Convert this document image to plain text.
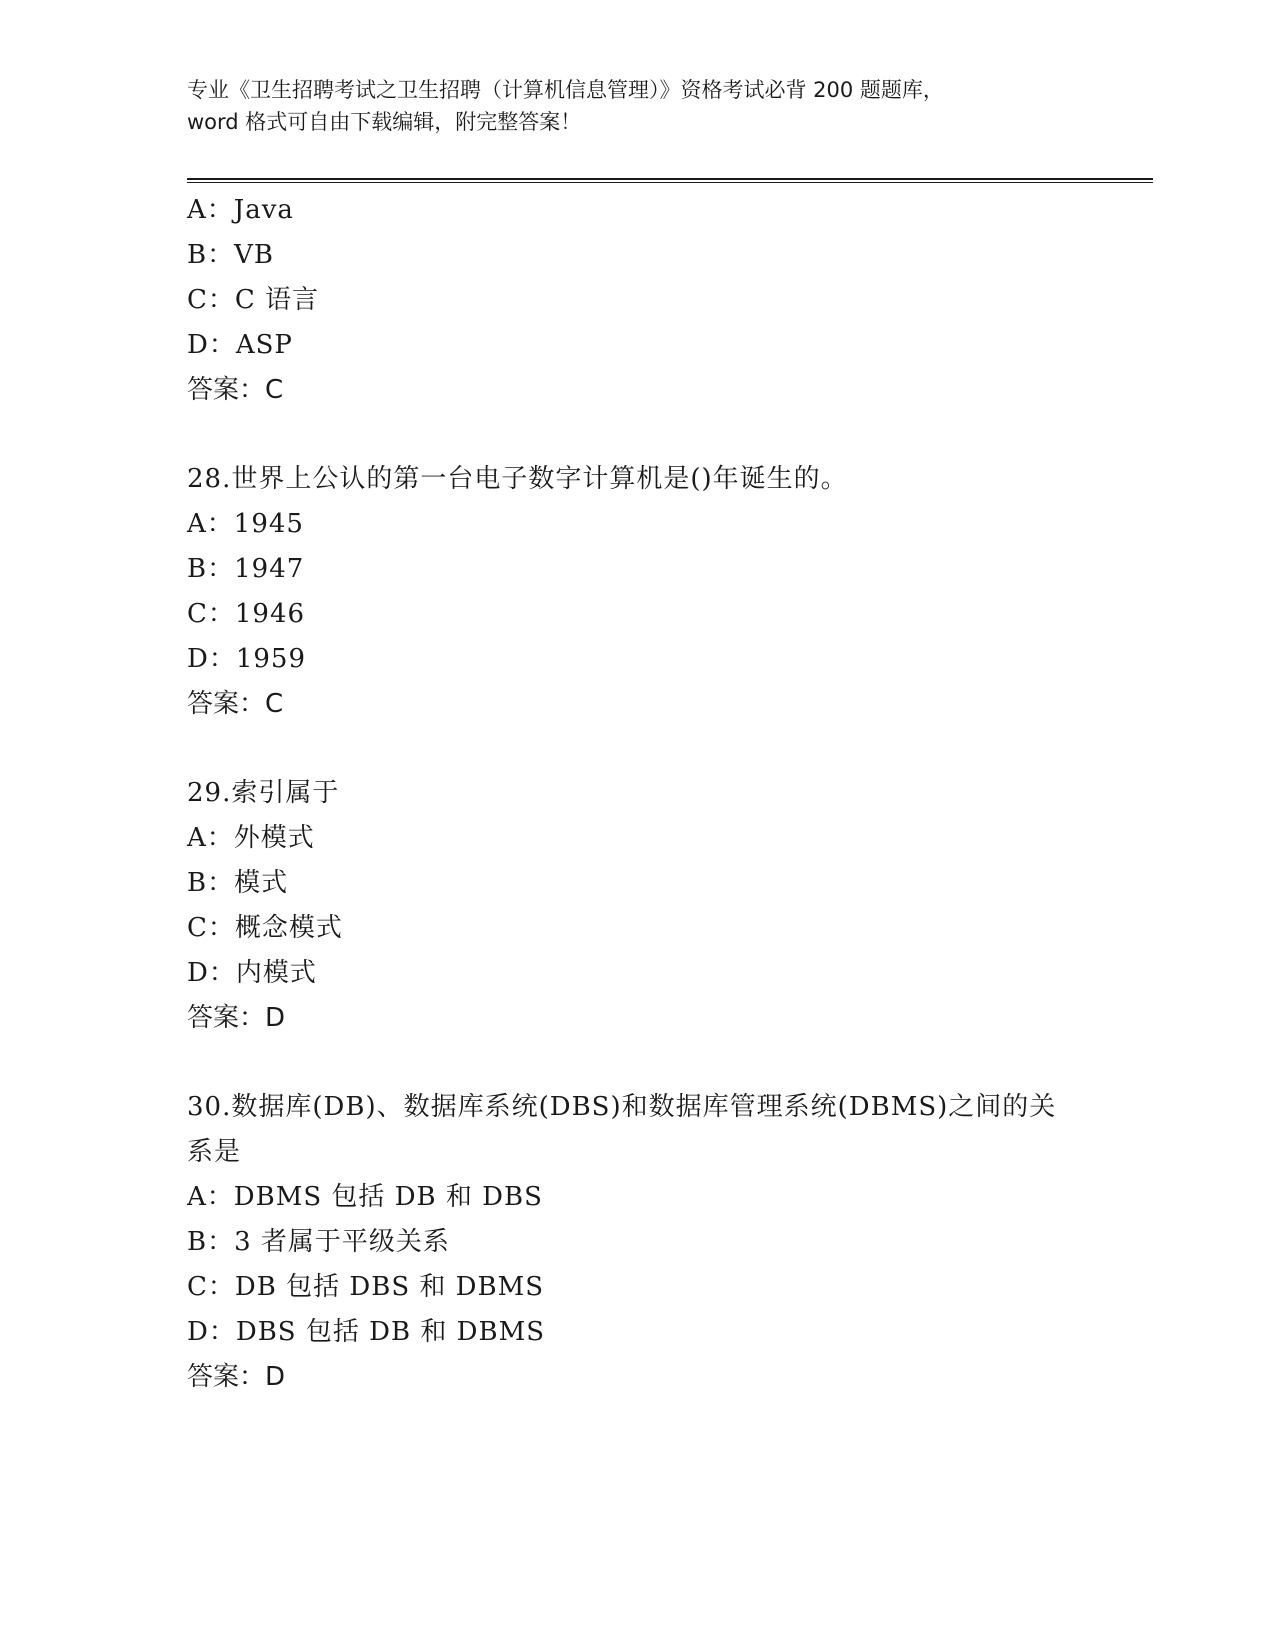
专业《卫生招聘考试之卫生招聘（计算机信息管理）》资格考试必背 200 题题库，
word 格式可自由下载编辑，附完整答案！
A：Java
B：VB
C：C 语言
D：ASP
答案：C
28.世界上公认的第一台电子数字计算机是()年诞生的。
A：1945
B：1947
C：1946
D：1959
答案：C
29.索引属于
A：外模式
B：模式
C：概念模式
D：内模式
答案：D
30.数据库(DB)、数据库系统(DBS)和数据库管理系统(DBMS)之间的关
系是
A：DBMS 包括 DB 和 DBS
B：3 者属于平级关系
C：DB 包括 DBS 和 DBMS
D：DBS 包括 DB 和 DBMS
答案：D
